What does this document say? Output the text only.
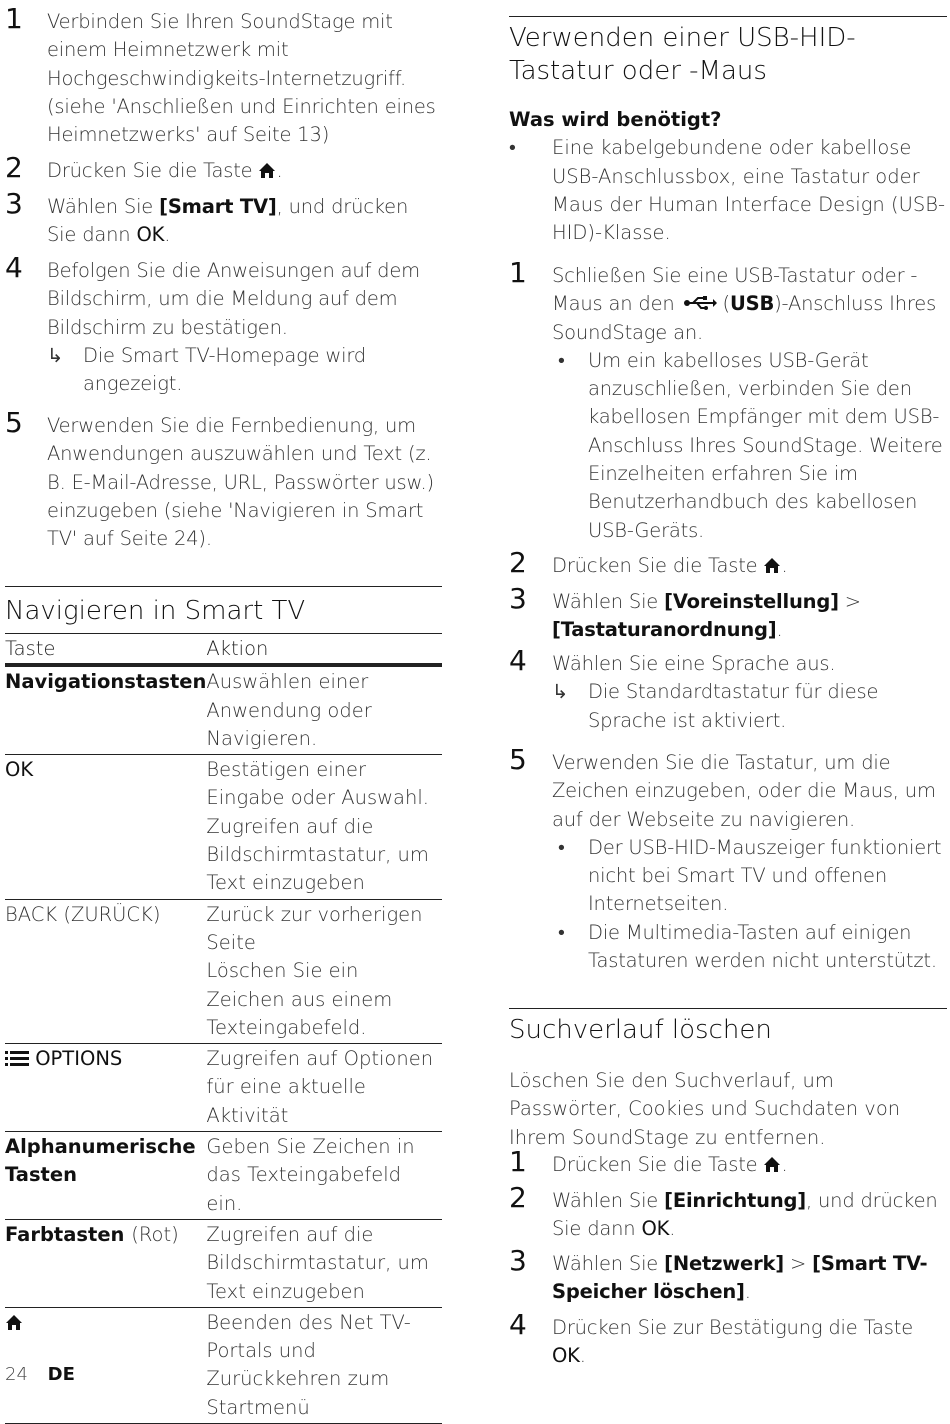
1 Verbinden Sie Ihren SoundStage mit einem Heimnetzwerk mit Hochgeschwindigkeits-Internetzugriff. (siehe 'Anschließen und Einrichten eines Heimnetzwerks' auf Seite 13)
2 Drücken Sie die Taste .
3 Wählen Sie [Smart TV], und drücken Sie dann OK.
4 Befolgen Sie die Anweisungen auf dem Bildschirm, um die Meldung auf dem Bildschirm zu bestätigen.
↳ Die Smart TV-Homepage wird angezeigt.
5 Verwenden Sie die Fernbedienung, um Anwendungen auszuwählen und Text (z. B. E-Mail-Adresse, URL, Passwörter usw.) einzugeben (siehe 'Navigieren in Smart TV' auf Seite 24).
Navigieren in Smart TV
Taste	Aktion
Navigationstasten	Auswählen einer Anwendung oder Navigieren.
OK	Bestätigen einer Eingabe oder Auswahl.
Zugreifen auf die Bildschirmtastatur, um Text einzugeben

BACK (ZURÜCK)	Zurück zur vorherigen Seite
Löschen Sie ein Zeichen aus einem Texteingabefeld.

OPTIONS	Zugreifen auf Optionen für eine aktuelle Aktivität
Alphanumerische Tasten	Geben Sie Zeichen in das Texteingabefeld ein.
Farbtasten (Rot)	Zugreifen auf die Bildschirmtastatur, um Text einzugeben
	Beenden des Net TV-Portals und Zurückkehren zum Startmenü
Verwenden einer USB-HID-Tastatur oder -Maus
Was wird benötigt?
• Eine kabelgebundene oder kabellose USB-Anschlussbox, eine Tastatur oder Maus der Human Interface Design (USB-HID)-Klasse.
1 Schließen Sie eine USB-Tastatur oder -Maus an den (USB)-Anschluss Ihres SoundStage an.
• Um ein kabelloses USB-Gerät anzuschließen, verbinden Sie den kabellosen Empfänger mit dem USB-Anschluss Ihres SoundStage. Weitere Einzelheiten erfahren Sie im Benutzerhandbuch des kabellosen USB-Geräts.
2 Drücken Sie die Taste .
3 Wählen Sie [Voreinstellung] > [Tastaturanordnung].
4 Wählen Sie eine Sprache aus.
↳ Die Standardtastatur für diese Sprache ist aktiviert.
5 Verwenden Sie die Tastatur, um die Zeichen einzugeben, oder die Maus, um auf der Webseite zu navigieren.
• Der USB-HID-Mauszeiger funktioniert nicht bei Smart TV und offenen Internetseiten.
• Die Multimedia-Tasten auf einigen Tastaturen werden nicht unterstützt.
Suchverlauf löschen
Löschen Sie den Suchverlauf, um Passwörter, Cookies und Suchdaten von Ihrem SoundStage zu entfernen.
1 Drücken Sie die Taste .
2 Wählen Sie [Einrichtung], und drücken Sie dann OK.
3 Wählen Sie [Netzwerk] > [Smart TV-Speicher löschen].
4 Drücken Sie zur Bestätigung die Taste OK.
24 DE
